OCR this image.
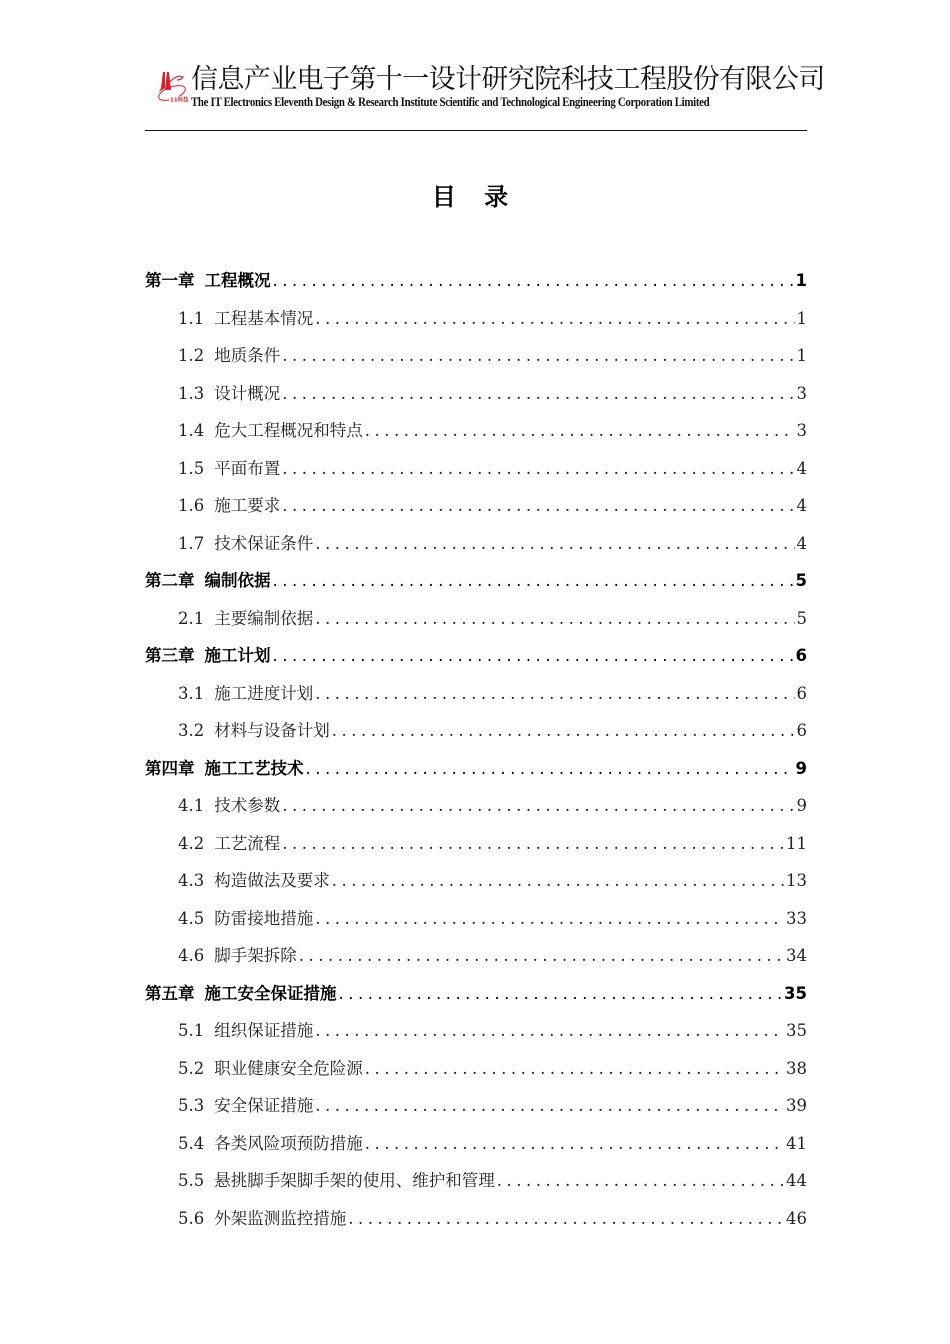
11科技
信息产业电子第十一设计研究院科技工程股份有限公司
The IT Electronics Eleventh Design & Research Institute Scientific and Technological Engineering Corporation Limited
目 录
第一章 工程概况 .....	1
1.1 工程基本情况 .....	1
1.2 地质条件 .....	1
1.3 设计概况 .....	3
1.4 危大工程概况和特点 .....	3
1.5 平面布置 .....	4
1.6 施工要求 .....	4
1.7 技术保证条件 .....	4
第二章 编制依据 .....	5
2.1 主要编制依据 .....	5
第三章 施工计划 .....	6
3.1 施工进度计划 .....	6
3.2 材料与设备计划 .....	6
第四章 施工工艺技术 .....	9
4.1 技术参数 .....	9
4.2 工艺流程 .....	11
4.3 构造做法及要求 .....	13
4.5 防雷接地措施 .....	33
4.6 脚手架拆除 .....	34
第五章 施工安全保证措施 .....	35
5.1 组织保证措施 .....	35
5.2 职业健康安全危险源 .....	38
5.3 安全保证措施 .....	39
5.4 各类风险项预防措施 .....	41
5.5 悬挑脚手架脚手架的使用、维护和管理 .....	44
5.6 外架监测监控措施 .....	46
